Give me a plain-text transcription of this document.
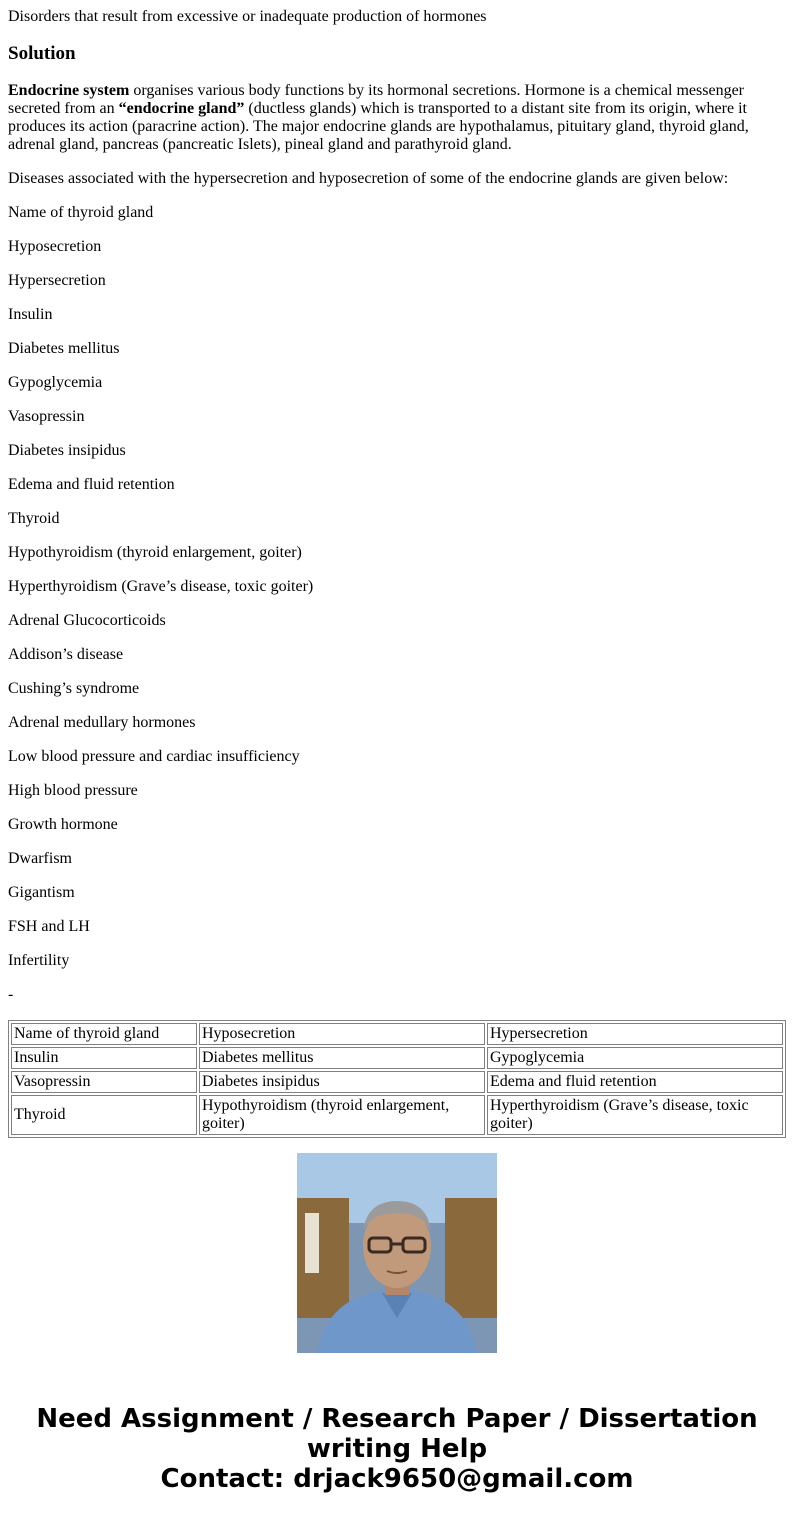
Disorders that result from excessive or inadequate production of hormones
Solution
Endocrine system organises various body functions by its hormonal secretions. Hormone is a chemical messenger secreted from an “endocrine gland” (ductless glands) which is transported to a distant site from its origin, where it produces its action (paracrine action). The major endocrine glands are hypothalamus, pituitary gland, thyroid gland, adrenal gland, pancreas (pancreatic Islets), pineal gland and parathyroid gland.

Diseases associated with the hypersecretion and hyposecretion of some of the endocrine glands are given below:

Name of thyroid gland

Hyposecretion

Hypersecretion

Insulin

Diabetes mellitus

Gypoglycemia

Vasopressin

Diabetes insipidus

Edema and fluid retention

Thyroid

Hypothyroidism (thyroid enlargement, goiter)

Hyperthyroidism (Grave’s disease, toxic goiter)

Adrenal Glucocorticoids

Addison’s disease

Cushing’s syndrome

Adrenal medullary hormones

Low blood pressure and cardiac insufficiency

High blood pressure

Growth hormone

Dwarfism

Gigantism

FSH and LH

Infertility

-

Name of thyroid gland	Hyposecretion	Hypersecretion
Insulin	Diabetes mellitus	Gypoglycemia
Vasopressin	Diabetes insipidus	Edema and fluid retention
Thyroid	Hypothyroidism (thyroid enlargement, goiter)	Hyperthyroidism (Grave’s disease, toxic goiter)
Need Assignment / Research Paper / Dissertation writing Help
Contact: drjack9650@gmail.com
